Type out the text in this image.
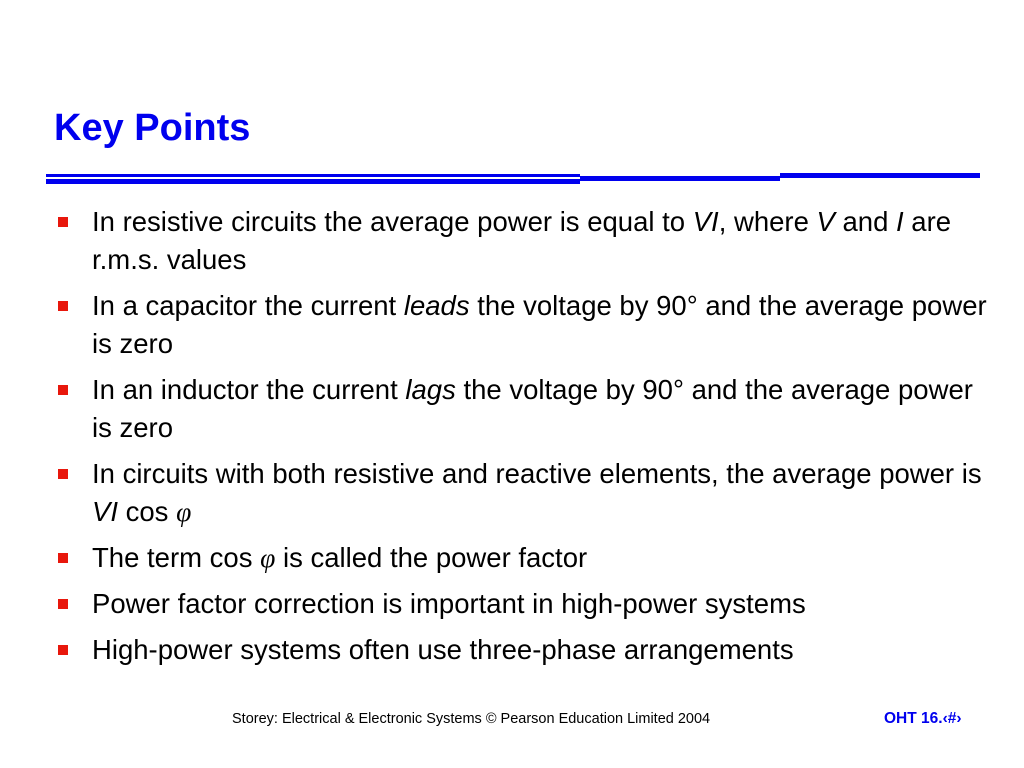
Key Points
In resistive circuits the average power is equal to VI, where V and I are r.m.s. values
In a capacitor the current leads the voltage by 90° and the average power is zero
In an inductor the current lags the voltage by 90° and the average power is zero
In circuits with both resistive and reactive elements, the average power is VI cos φ
The term cos φ is called the power factor
Power factor correction is important in high-power systems
High-power systems often use three-phase arrangements
Storey: Electrical & Electronic Systems © Pearson Education Limited 2004	OHT 16.‹#›
